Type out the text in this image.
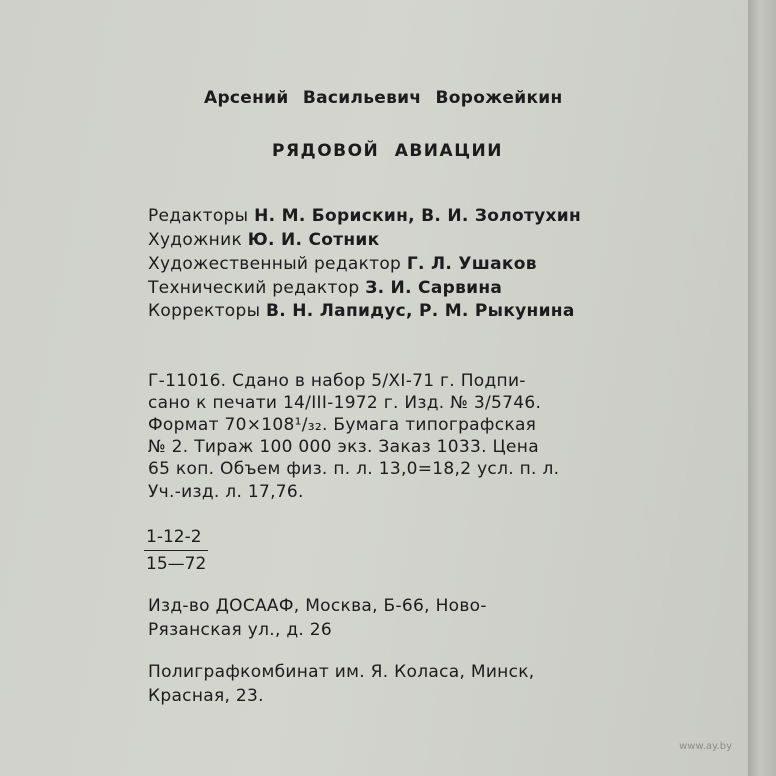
Арсений Васильевич Ворожейкин
РЯДОВОЙ АВИАЦИИ
Редакторы Н. М. Борискин, В. И. Золотухин
Художник Ю. И. Сотник
Художественный редактор Г. Л. Ушаков
Технический редактор З. И. Сарвина
Корректоры В. Н. Лапидус, Р. М. Рыкунина
Г-11016. Сдано в набор 5/XI-71 г. Подпи-
сано к печати 14/III-1972 г. Изд. № 3/5746.
Формат 70×108¹/₃₂. Бумага типографская
№ 2. Тираж 100 000 экз. Заказ 1033. Цена
65 коп. Объем физ. п. л. 13,0=18,2 усл. п. л.
Уч.-изд. л. 17,76.
1-12-2
15—72
Изд-во ДОСААФ, Москва, Б-66, Ново-
Рязанская ул., д. 26
Полиграфкомбинат им. Я. Коласа, Минск,
Красная, 23.
www.ay.by
